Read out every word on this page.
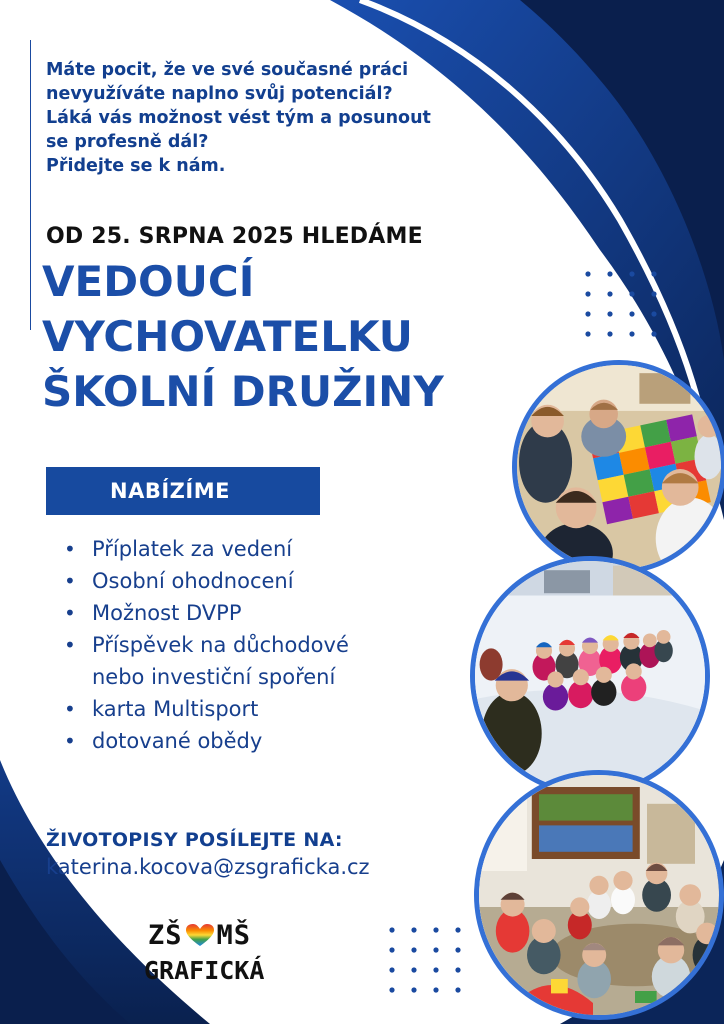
Máte pocit, že ve své současné práci
nevyužíváte naplno svůj potenciál?
Láká vás možnost vést tým a posunout
se profesně dál?
Přidejte se k nám.

OD 25. SRPNA 2025 HLEDÁME
VEDOUCÍ
VYCHOVATELKU
ŠKOLNÍ DRUŽINY
NABÍZÍME
• Příplatek za vedení
• Osobní ohodnocení
• Možnost DVPP
• Příspěvek na důchodové
nebo investiční spoření
• karta Multisport
• dotované obědy
ŽIVOTOPISY POSÍLEJTE NA:
katerina.kocova@zsgraficka.cz
ZŠ MŠ
GRAFICKÁ
